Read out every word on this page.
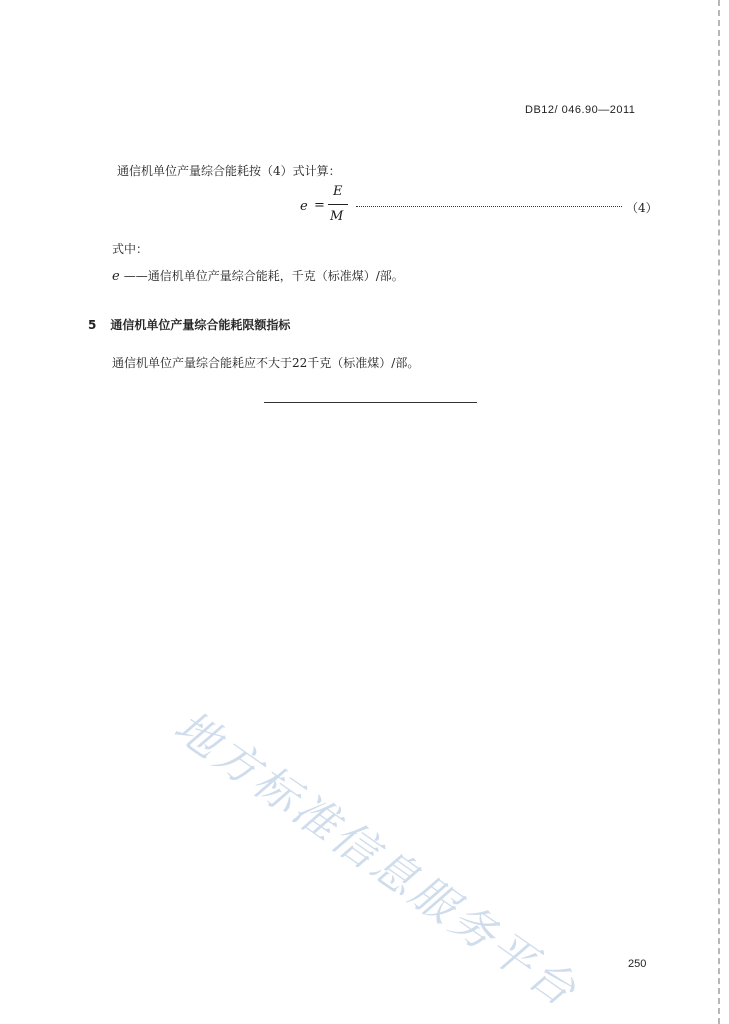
DB12/ 046.90—2011
通信机单位产量综合能耗按（4）式计算：
e =
E
M
（4）
式中：
e ——通信机单位产量综合能耗，千克（标准煤）/部。
5 通信机单位产量综合能耗限额指标
通信机单位产量综合能耗应不大于22千克（标准煤）/部。
地方标准信息服务平台	250
